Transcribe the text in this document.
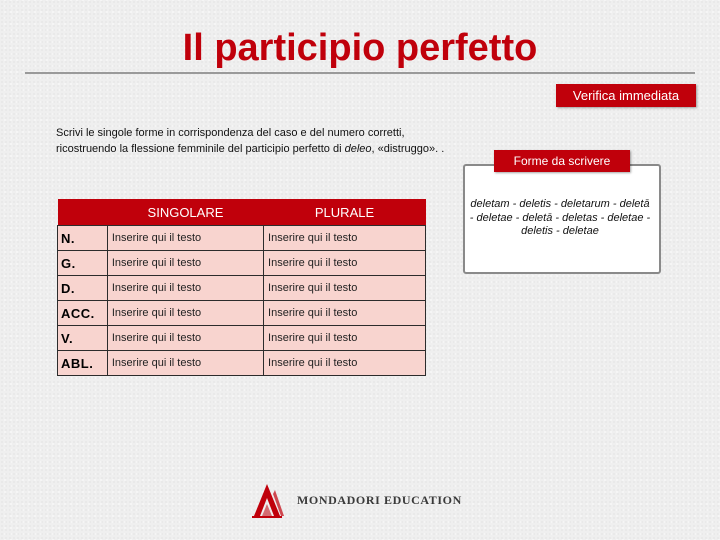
Il participio perfetto
Verifica immediata
Scrivi le singole forme in corrispondenza del caso e del numero corretti, ricostruendo la flessione femminile del participio perfetto di deleo, «distruggo». .
Forme da scrivere
deletam - deletis - deletarum - deletā - deletae - deletā - deletas - deletae - deletis - deletae
	SINGOLARE	PLURALE
N.	Inserire qui il testo	Inserire qui il testo
G.	Inserire qui il testo	Inserire qui il testo
D.	Inserire qui il testo	Inserire qui il testo
ACC.	Inserire qui il testo	Inserire qui il testo
V.	Inserire qui il testo	Inserire qui il testo
ABL.	Inserire qui il testo	Inserire qui il testo
MONDADORI EDUCATION
